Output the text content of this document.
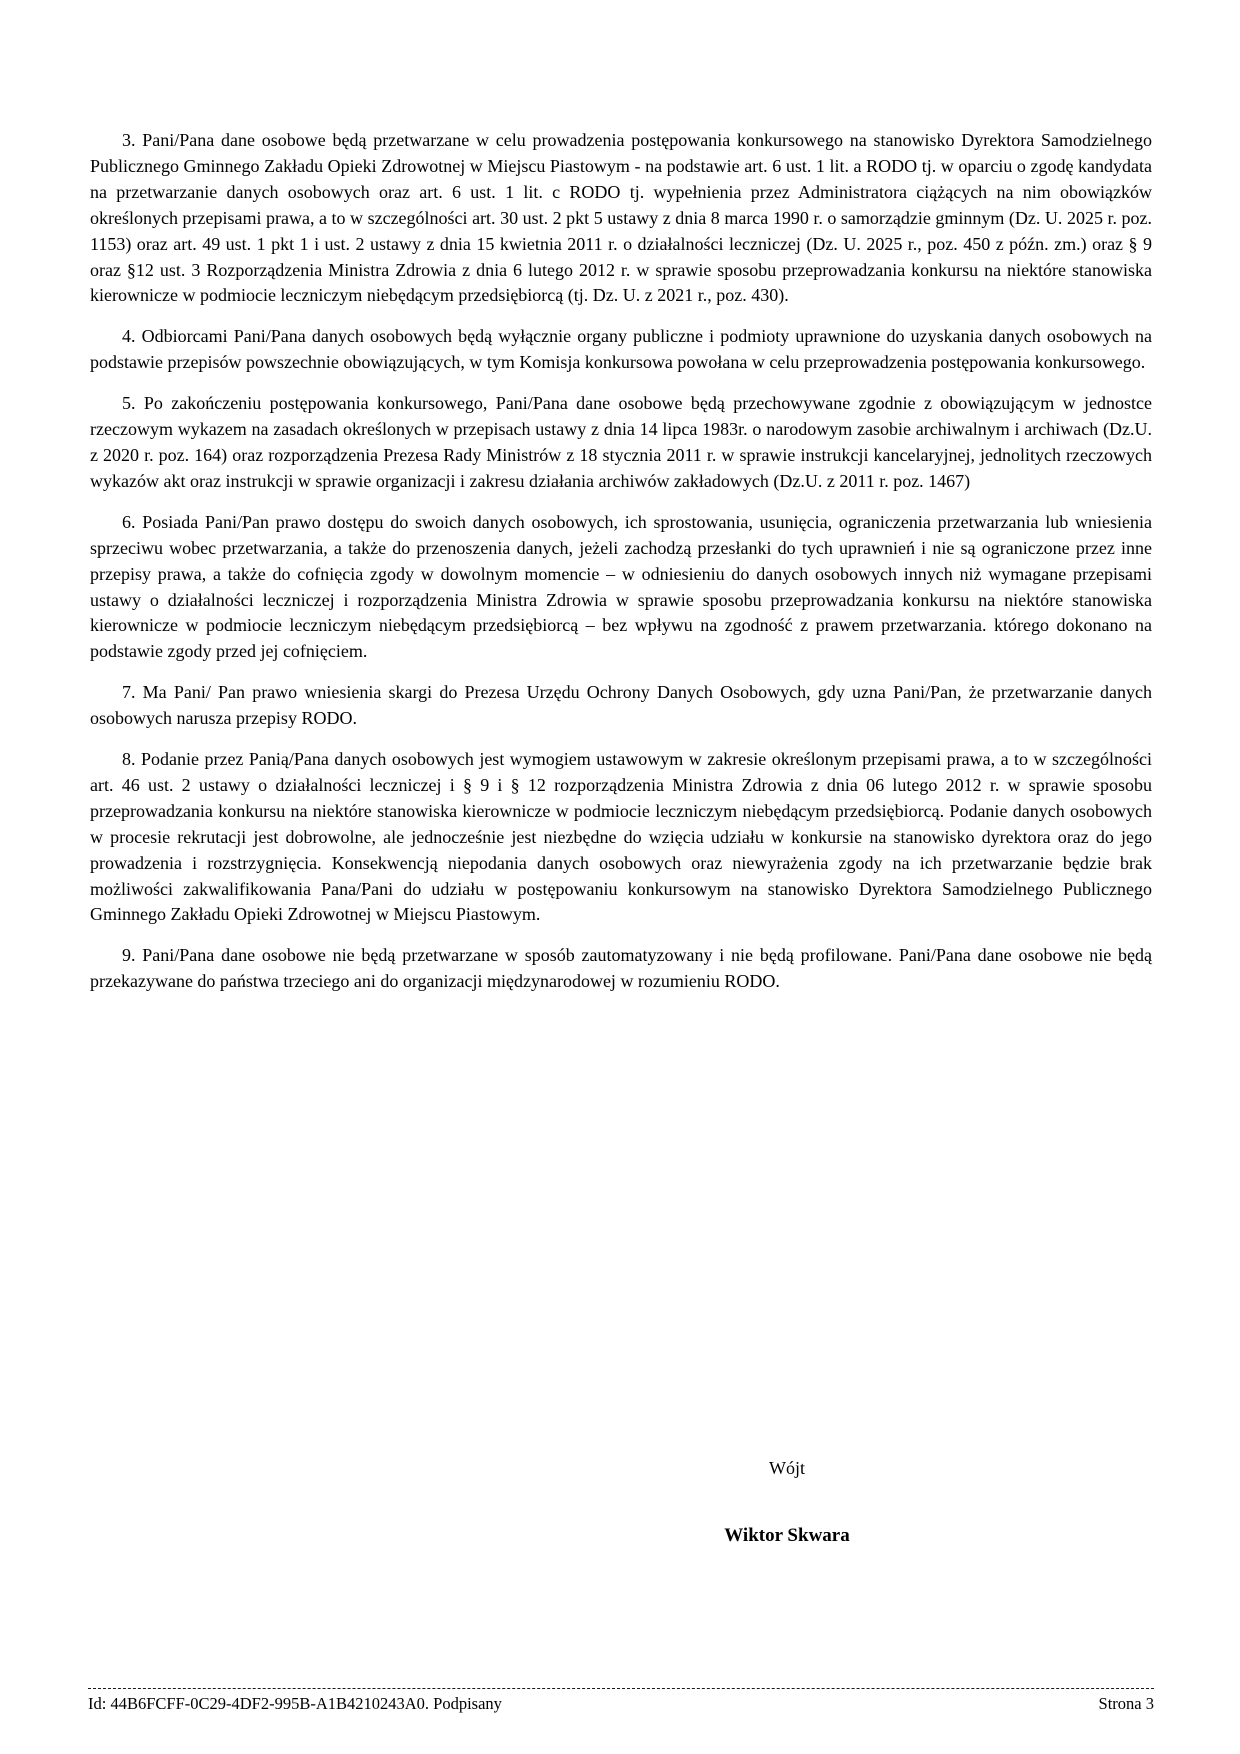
3. Pani/Pana dane osobowe będą przetwarzane w celu prowadzenia postępowania konkursowego na stanowisko Dyrektora Samodzielnego Publicznego Gminnego Zakładu Opieki Zdrowotnej w Miejscu Piastowym - na podstawie art. 6 ust. 1 lit. a RODO tj. w oparciu o zgodę kandydata na przetwarzanie danych osobowych oraz art. 6 ust. 1 lit. c RODO tj. wypełnienia przez Administratora ciążących na nim obowiązków określonych przepisami prawa, a to w szczególności art. 30 ust. 2 pkt 5 ustawy z dnia 8 marca 1990 r. o samorządzie gminnym (Dz. U. 2025 r. poz. 1153) oraz art. 49 ust. 1 pkt 1 i ust. 2 ustawy z dnia 15 kwietnia 2011 r. o działalności leczniczej (Dz. U. 2025 r., poz. 450 z późn. zm.) oraz § 9 oraz §12 ust. 3 Rozporządzenia Ministra Zdrowia z dnia 6 lutego 2012 r. w sprawie sposobu przeprowadzania konkursu na niektóre stanowiska kierownicze w podmiocie leczniczym niebędącym przedsiębiorcą (tj. Dz. U. z 2021 r., poz. 430).

4. Odbiorcami Pani/Pana danych osobowych będą wyłącznie organy publiczne i podmioty uprawnione do uzyskania danych osobowych na podstawie przepisów powszechnie obowiązujących, w tym Komisja konkursowa powołana w celu przeprowadzenia postępowania konkursowego.

5. Po zakończeniu postępowania konkursowego, Pani/Pana dane osobowe będą przechowywane zgodnie z obowiązującym w jednostce rzeczowym wykazem na zasadach określonych w przepisach ustawy z dnia 14 lipca 1983r. o narodowym zasobie archiwalnym i archiwach (Dz.U. z 2020 r. poz. 164) oraz rozporządzenia Prezesa Rady Ministrów z 18 stycznia 2011 r. w sprawie instrukcji kancelaryjnej, jednolitych rzeczowych wykazów akt oraz instrukcji w sprawie organizacji i zakresu działania archiwów zakładowych (Dz.U. z 2011 r. poz. 1467)

6. Posiada Pani/Pan prawo dostępu do swoich danych osobowych, ich sprostowania, usunięcia, ograniczenia przetwarzania lub wniesienia sprzeciwu wobec przetwarzania, a także do przenoszenia danych, jeżeli zachodzą przesłanki do tych uprawnień i nie są ograniczone przez inne przepisy prawa, a także do cofnięcia zgody w dowolnym momencie – w odniesieniu do danych osobowych innych niż wymagane przepisami ustawy o działalności leczniczej i rozporządzenia Ministra Zdrowia w sprawie sposobu przeprowadzania konkursu na niektóre stanowiska kierownicze w podmiocie leczniczym niebędącym przedsiębiorcą – bez wpływu na zgodność z prawem przetwarzania. którego dokonano na podstawie zgody przed jej cofnięciem.

7. Ma Pani/ Pan prawo wniesienia skargi do Prezesa Urzędu Ochrony Danych Osobowych, gdy uzna Pani/Pan, że przetwarzanie danych osobowych narusza przepisy RODO.

8. Podanie przez Panią/Pana danych osobowych jest wymogiem ustawowym w zakresie określonym przepisami prawa, a to w szczególności art. 46 ust. 2 ustawy o działalności leczniczej i § 9 i § 12 rozporządzenia Ministra Zdrowia z dnia 06 lutego 2012 r. w sprawie sposobu przeprowadzania konkursu na niektóre stanowiska kierownicze w podmiocie leczniczym niebędącym przedsiębiorcą. Podanie danych osobowych w procesie rekrutacji jest dobrowolne, ale jednocześnie jest niezbędne do wzięcia udziału w konkursie na stanowisko dyrektora oraz do jego prowadzenia i rozstrzygnięcia. Konsekwencją niepodania danych osobowych oraz niewyrażenia zgody na ich przetwarzanie będzie brak możliwości zakwalifikowania Pana/Pani do udziału w postępowaniu konkursowym na stanowisko Dyrektora Samodzielnego Publicznego Gminnego Zakładu Opieki Zdrowotnej w Miejscu Piastowym.

9. Pani/Pana dane osobowe nie będą przetwarzane w sposób zautomatyzowany i nie będą profilowane. Pani/Pana dane osobowe nie będą przekazywane do państwa trzeciego ani do organizacji międzynarodowej w rozumieniu RODO.

Wójt
Wiktor Skwara
Id: 44B6FCFF-0C29-4DF2-995B-A1B4210243A0. Podpisany	Strona 3
